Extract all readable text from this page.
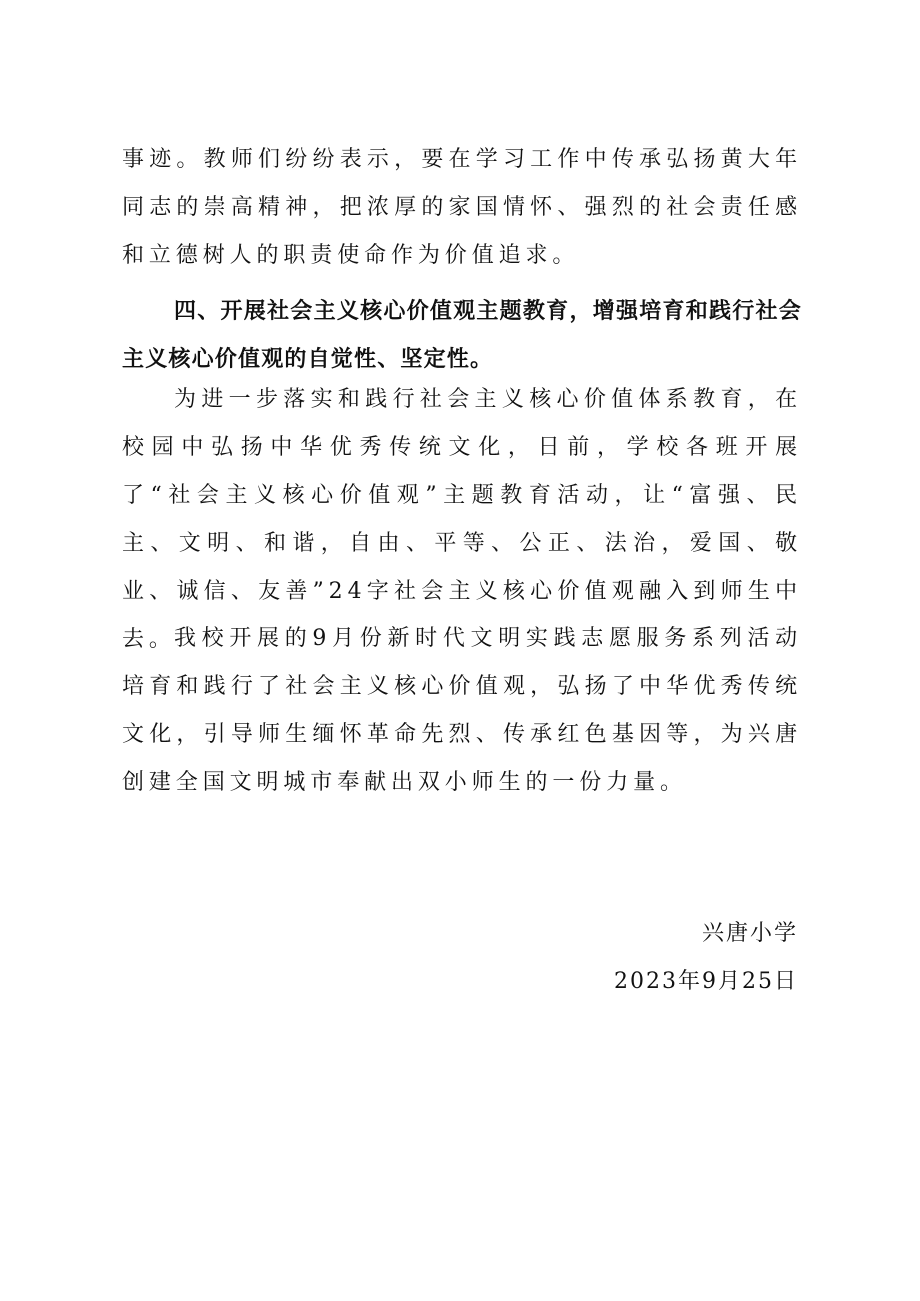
事迹。教师们纷纷表示，要在学习工作中传承弘扬黄大年同志的崇高精神，把浓厚的家国情怀、强烈的社会责任感和立德树人的职责使命作为价值追求。

四、开展社会主义核心价值观主题教育，增强培育和践行社会主义核心价值观的自觉性、坚定性。

为进一步落实和践行社会主义核心价值体系教育，在校园中弘扬中华优秀传统文化，日前，学校各班开展了“社会主义核心价值观”主题教育活动，让“富强、民主、文明、和谐，自由、平等、公正、法治，爱国、敬业、诚信、友善”24字社会主义核心价值观融入到师生中去。

我校开展的9月份新时代文明实践志愿服务系列活动培育和践行了社会主义核心价值观，弘扬了中华优秀传统文化，引导师生缅怀革命先烈、传承红色基因等，为兴唐创建全国文明城市奉献出双小师生的一份力量。

兴唐小学

2023年9月25日
